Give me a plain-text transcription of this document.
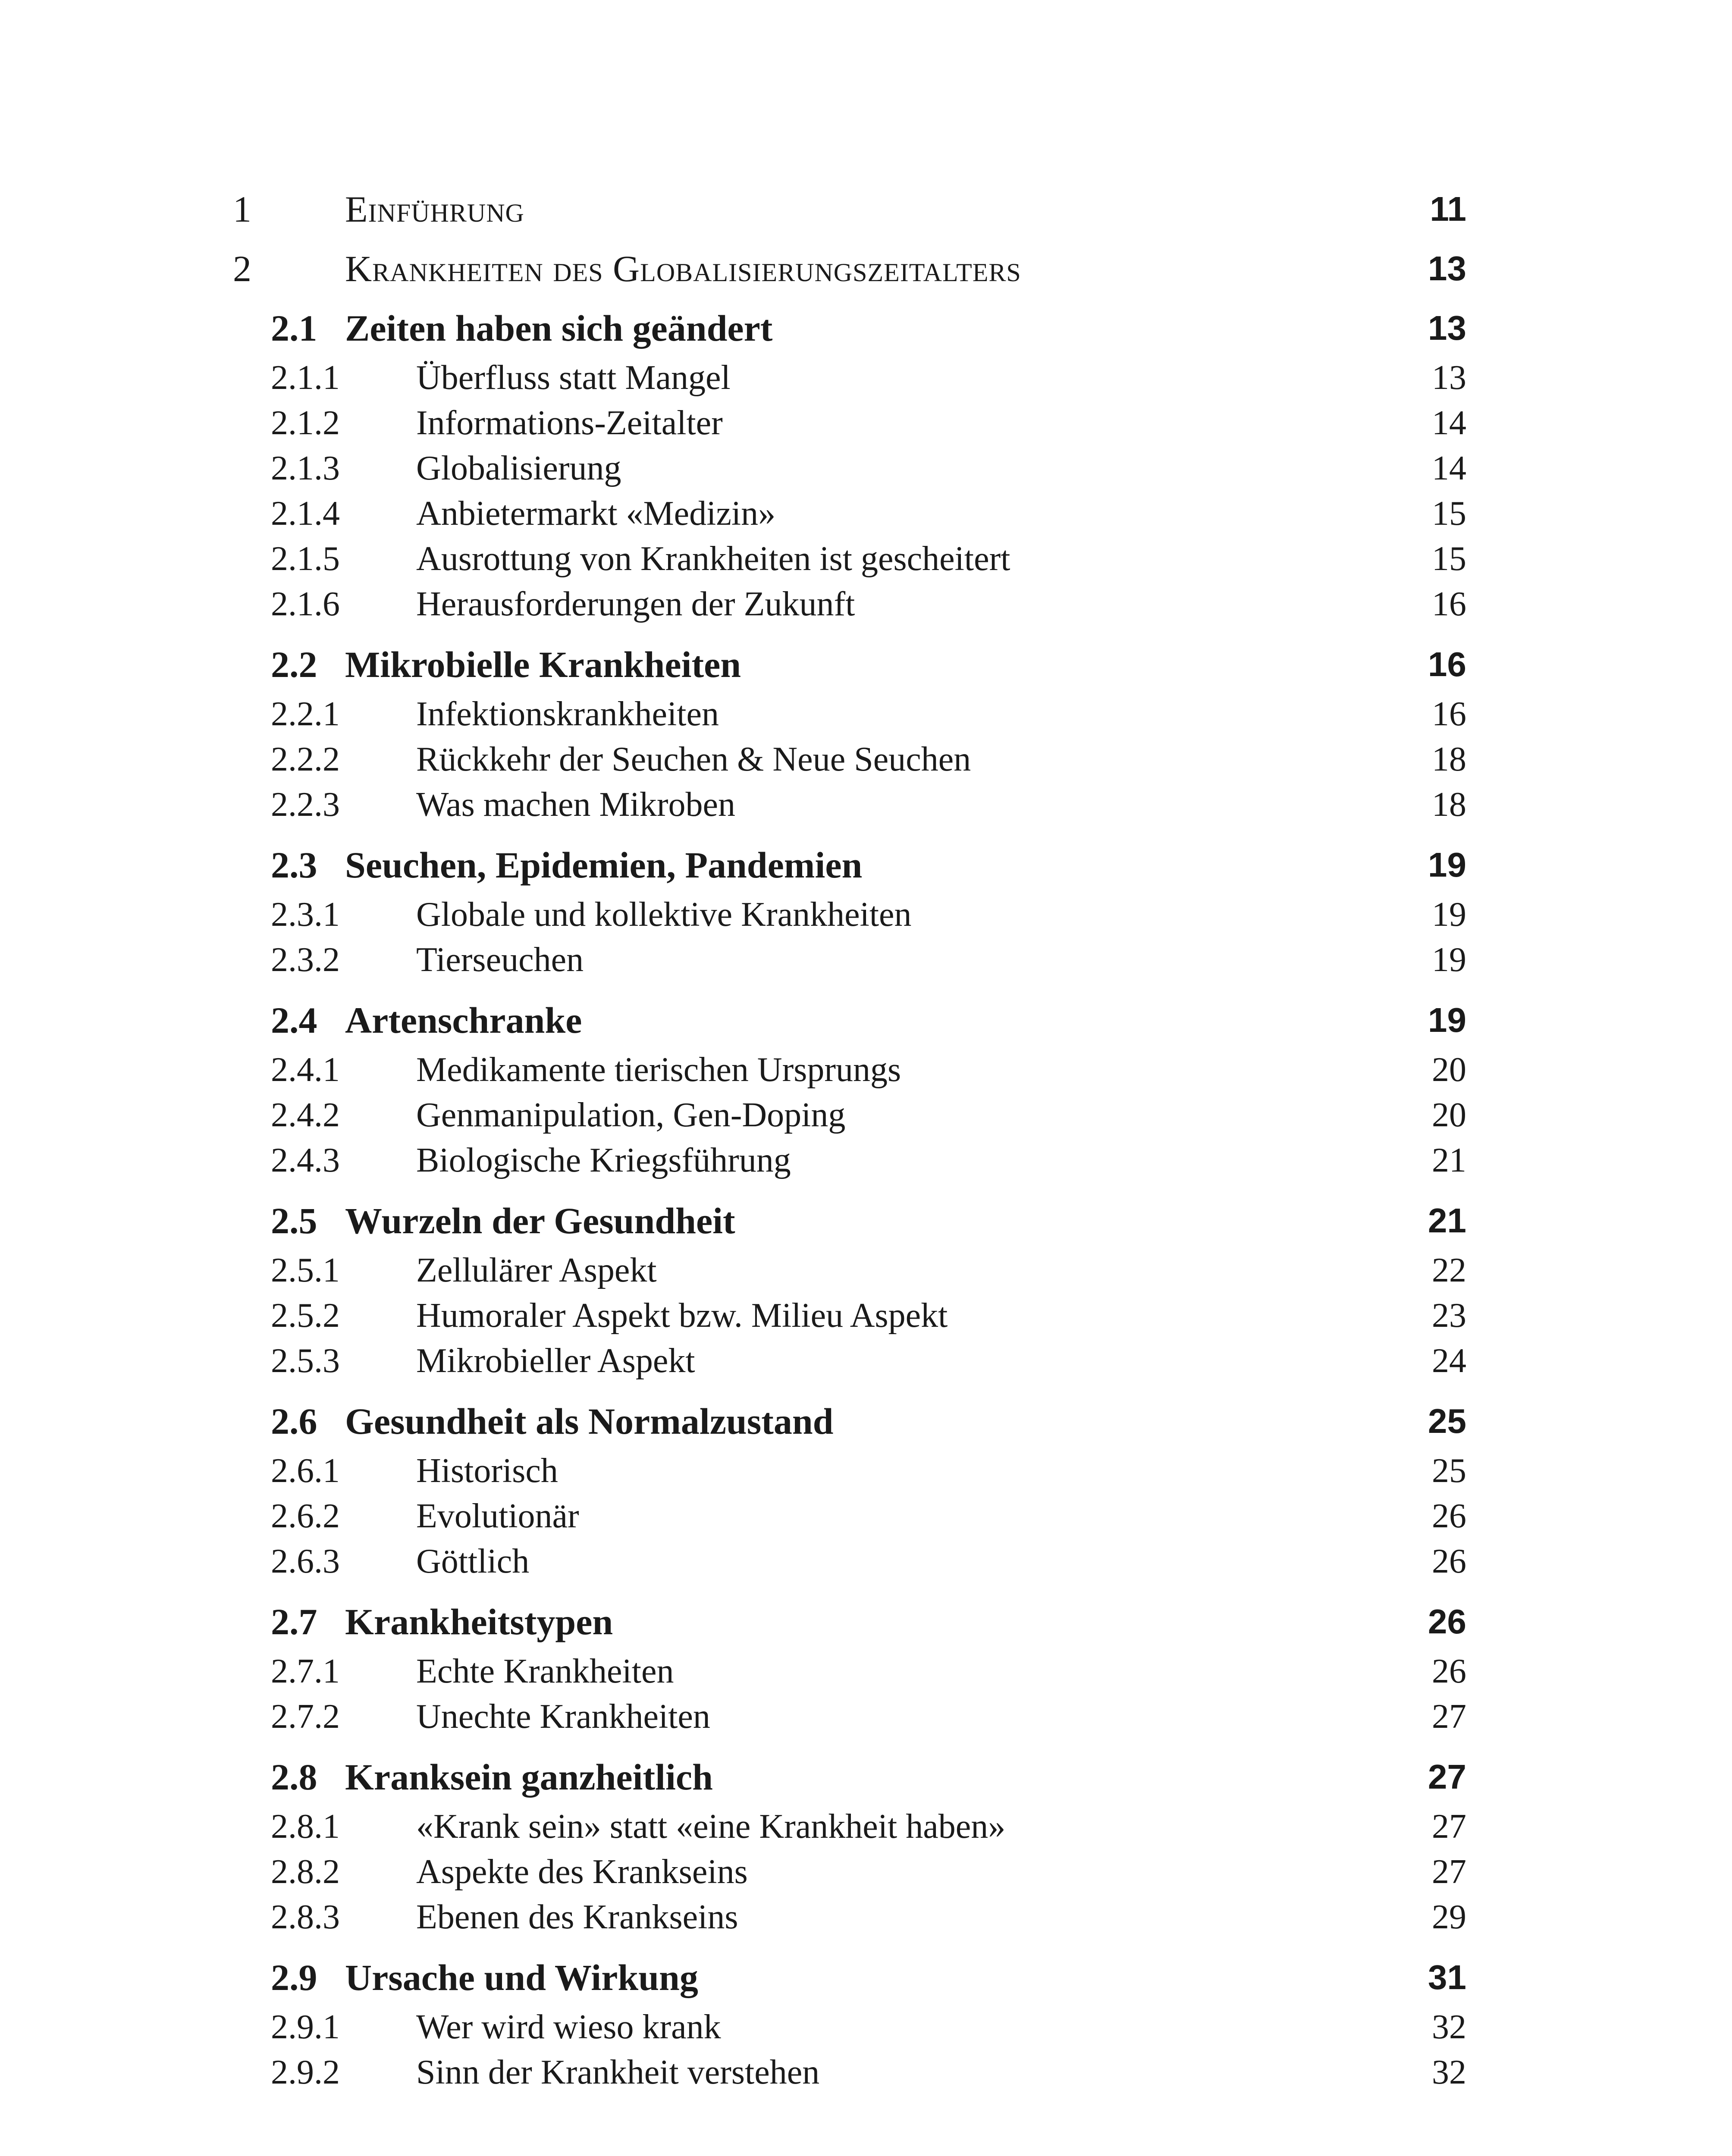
1	Einführung	11
2	Krankheiten des Globalisierungszeitalters	13
2.1 Zeiten haben sich geändert	13
2.1.1 Überfluss statt Mangel	13
2.1.2 Informations-Zeitalter	14
2.1.3 Globalisierung	14
2.1.4 Anbietermarkt «Medizin»	15
2.1.5 Ausrottung von Krankheiten ist gescheitert	15
2.1.6 Herausforderungen der Zukunft	16
2.2 Mikrobielle Krankheiten	16
2.2.1 Infektionskrankheiten	16
2.2.2 Rückkehr der Seuchen & Neue Seuchen	18
2.2.3 Was machen Mikroben	18
2.3 Seuchen, Epidemien, Pandemien	19
2.3.1 Globale und kollektive Krankheiten	19
2.3.2 Tierseuchen	19
2.4 Artenschranke	19
2.4.1 Medikamente tierischen Ursprungs	20
2.4.2 Genmanipulation, Gen-Doping	20
2.4.3 Biologische Kriegsführung	21
2.5 Wurzeln der Gesundheit	21
2.5.1 Zellulärer Aspekt	22
2.5.2 Humoraler Aspekt bzw. Milieu Aspekt	23
2.5.3 Mikrobieller Aspekt	24
2.6 Gesundheit als Normalzustand	25
2.6.1 Historisch	25
2.6.2 Evolutionär	26
2.6.3 Göttlich	26
2.7 Krankheitstypen	26
2.7.1 Echte Krankheiten	26
2.7.2 Unechte Krankheiten	27
2.8 Kranksein ganzheitlich	27
2.8.1 «Krank sein» statt «eine Krankheit haben»	27
2.8.2 Aspekte des Krankseins	27
2.8.3 Ebenen des Krankseins	29
2.9 Ursache und Wirkung	31
2.9.1 Wer wird wieso krank	32
2.9.2 Sinn der Krankheit verstehen	32
